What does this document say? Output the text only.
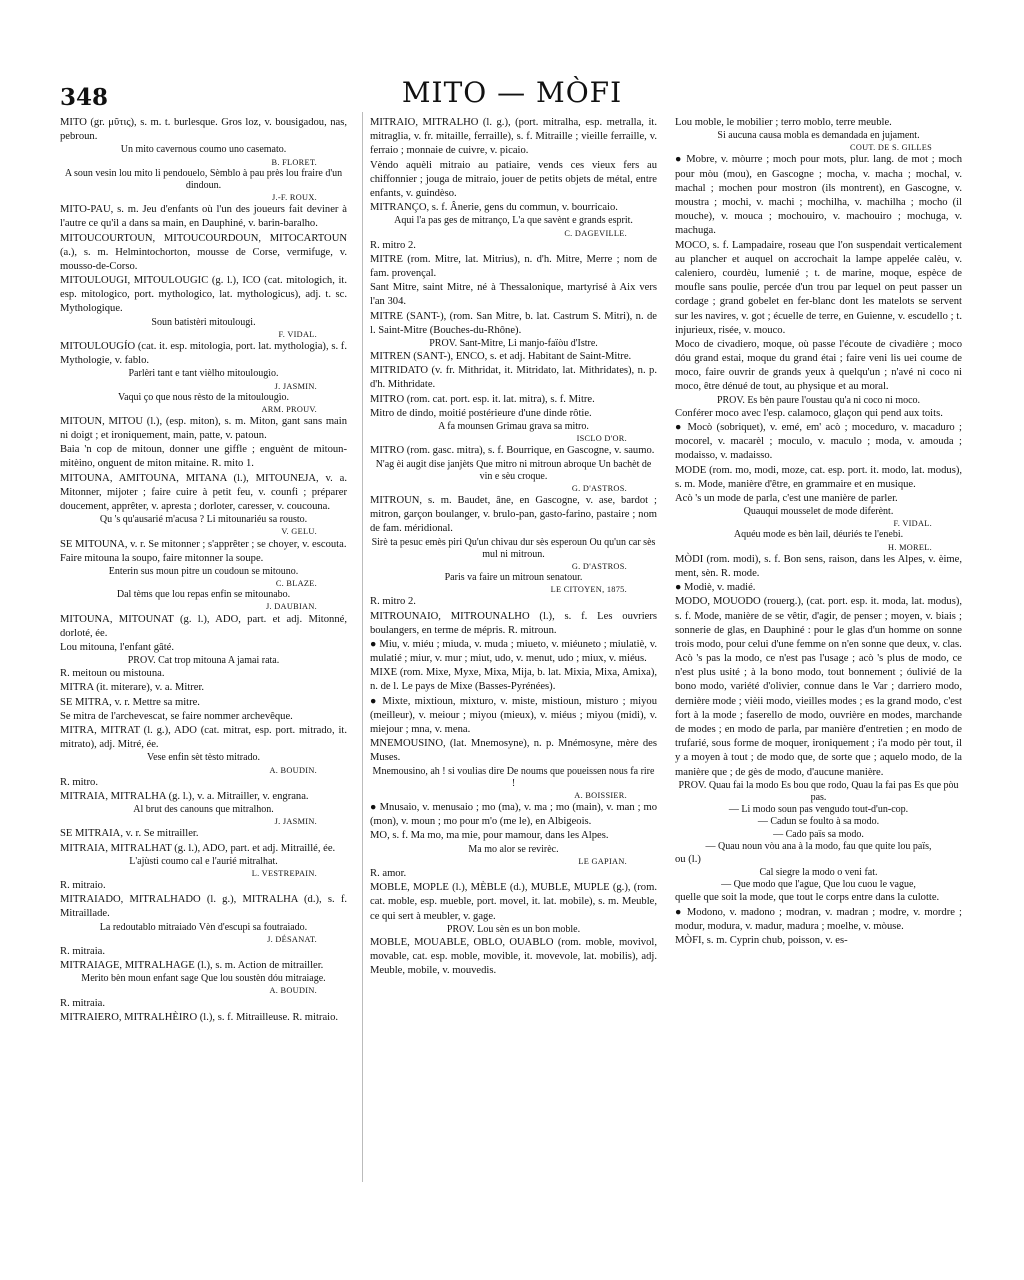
348	MITO — MÒFI

MITO (gr. μῦτις), s. m. t. burlesque. Gros loz, v. bousigadou, nas, pebroun.

Un mito cavernous coumo uno casemato.

B. FLORET.

A soun vesin lou mito li pendouelo, Sèmblo à pau près lou fraire d'un dindoun.

J.-F. ROUX.

MITO-PAU, s. m. Jeu d'enfants où l'un des joueurs fait deviner à l'autre ce qu'il a dans sa main, en Dauphiné, v. barin-baralho.

MITOUCOURTOUN, MITOUCOURDOUN, MITOCARTOUN (a.), s. m. Helmintochorton, mousse de Corse, vermifuge, v. mousso-de-Corso.

MITOULOUGI, MITOULOUGIC (g. l.), ICO (cat. mitologich, it. esp. mitologico, port. mythologico, lat. mythologicus), adj. t. sc. Mythologique.

Soun batistèri mitoulougi.

F. VIDAL.

MITOULOUGÍO (cat. it. esp. mitologia, port. lat. mythologia), s. f. Mythologie, v. fablo.

Parlèri tant e tant vièlho mitoulougìo.

J. JASMIN.

Vaqui ço que nous rèsto de la mitoulougìo.

ARM. PROUV.

MITOUN, MITOU (l.), (esp. miton), s. m. Miton, gant sans main ni doigt ; et ironiquement, main, patte, v. patoun.

Baia 'n cop de mitoun, donner une giffle ; enguènt de mitoun-mitèino, onguent de miton mitaine. R. mito 1.

MITOUNA, AMITOUNA, MITANA (l.), MITOUNEJA, v. a. Mitonner, mijoter ; faire cuire à petit feu, v. counfi ; préparer doucement, apprêter, v. apresta ; dorloter, caresser, v. coucouna.

Qu 's qu'ausarié m'acusa ? Li mitounariéu sa rousto.

V. GELU.

SE MITOUNA, v. r. Se mitonner ; s'apprêter ; se choyer, v. escouta.

Faire mitouna la soupo, faire mitonner la soupe.

Enterin sus moun pitre un coudoun se mitouno.

C. BLAZE.

Dal tèms que lou repas enfin se mitounabo.

J. DAUBIAN.

MITOUNA, MITOUNAT (g. l.), ADO, part. et adj. Mitonné, dorloté, ée.

Lou mitouna, l'enfant gâté.

PROV. Cat trop mitouna A jamai rata.

R. meitoun ou mistouna.

MITRA (it. miterare), v. a. Mitrer.

SE MITRA, v. r. Mettre sa mitre.

Se mitra de l'archevescat, se faire nommer archevêque.

MITRA, MITRAT (l. g.), ADO (cat. mitrat, esp. port. mitrado, it. mitrato), adj. Mitré, ée.

Vese enfin sèt tèsto mitrado.

A. BOUDIN.

R. mitro.

MITRAIA, MITRALHA (g. l.), v. a. Mitrailler, v. engrana.

Al brut des canouns que mitralhon.

J. JASMIN.

SE MITRAIA, v. r. Se mitrailler.

MITRAIA, MITRALHAT (g. l.), ADO, part. et adj. Mitraillé, ée.

L'ajùsti coumo cal e l'aurié mitralhat.

L. VESTREPAIN.

R. mitraio.

MITRAIADO, MITRALHADO (l. g.), MITRALHA (d.), s. f. Mitraillade.

La redoutablo mitraiado Vèn d'escupi sa foutraiado.

J. DÉSANAT.

R. mitraia.

MITRAIAGE, MITRALHAGE (l.), s. m. Action de mitrailler.

Merito bèn moun enfant sage Que lou soustèn dóu mitraiage.

A. BOUDIN.

R. mitraia.

MITRAIERO, MITRALHÈIRO (l.), s. f. Mitrailleuse. R. mitraio.

MITRAIO, MITRALHO (l. g.), (port. mitralha, esp. metralla, it. mitraglia, v. fr. mitaille, ferraille), s. f. Mitraille ; vieille ferraille, v. ferraio ; monnaie de cuivre, v. picaio.

Vèndo aquèli mitraio au patiaire, vends ces vieux fers au chiffonnier ; jouga de mitraio, jouer de petits objets de métal, entre enfants, v. guindèso.

MITRANÇO, s. f. Ânerie, gens du commun, v. bourricaio.

Aqui l'a pas ges de mitranço, L'a que savènt e grands esprit.

C. DAGEVILLE.

R. mitro 2.

MITRE (rom. Mitre, lat. Mitrius), n. d'h. Mitre, Merre ; nom de fam. provençal.

Sant Mitre, saint Mitre, né à Thessalonique, martyrisé à Aix vers l'an 304.

MITRE (SANT-), (rom. San Mitre, b. lat. Castrum S. Mitri), n. de l. Saint-Mitre (Bouches-du-Rhône).

PROV. Sant-Mitre, Li manjo-faïòu d'Istre.

MITREN (SANT-), ENCO, s. et adj. Habitant de Saint-Mitre.

MITRIDATO (v. fr. Mithridat, it. Mitridato, lat. Mithridates), n. p. d'h. Mithridate.

MITRO (rom. cat. port. esp. it. lat. mitra), s. f. Mitre.

Mitro de dindo, moitié postérieure d'une dinde rôtie.

A fa mounsen Grimau grava sa mitro.

ISCLO D'OR.

MITRO (rom. gasc. mitra), s. f. Bourrique, en Gascogne, v. saumo.

N'ag èi augit dise janjèts Que mitro ni mitroun abroque Un bachèt de vin e sèu croque.

G. D'ASTROS.

MITROUN, s. m. Baudet, âne, en Gascogne, v. ase, bardot ; mitron, garçon boulanger, v. brulo-pan, gasto-farino, pastaire ; nom de fam. méridional.

Sirè ta pesuc emès piri Qu'un chivau dur sès esperoun Ou qu'un car sès mul ni mitroun.

G. D'ASTROS.

Paris va faire un mitroun senatour.

LE CITOYEN, 1875.

R. mitro 2.

MITROUNAIO, MITROUNALHO (l.), s. f. Les ouvriers boulangers, en terme de mépris. R. mitroun.

● Miu, v. miéu ; miuda, v. muda ; miueto, v. miéuneto ; miulatiè, v. mulatié ; miur, v. mur ; miut, udo, v. menut, udo ; miux, v. miéus.

MIXE (rom. Mixe, Myxe, Mixa, Mija, b. lat. Mixia, Mixa, Amixa), n. de l. Le pays de Mixe (Basses-Pyrénées).

● Mixte, mixtioun, mixturo, v. miste, mistioun, misturo ; miyou (meilleur), v. meiour ; miyou (mieux), v. miéus ; miyou (midi), v. miejour ; mna, v. mena.

MNEMOUSINO, (lat. Mnemosyne), n. p. Mnémosyne, mère des Muses.

Mnemousino, ah ! si voulias dire De noums que poueissen nous fa rire !

A. BOISSIER.

● Mnusaio, v. menusaio ; mo (ma), v. ma ; mo (main), v. man ; mo (mon), v. moun ; mo pour m'o (me le), en Albigeois.

MO, s. f. Ma mo, ma mie, pour mamour, dans les Alpes.

Ma mo alor se revirèc.

LE GAPIAN.

R. amor.

MOBLE, MOPLE (l.), MÈBLE (d.), MUBLE, MUPLE (g.), (rom. cat. moble, esp. mueble, port. movel, it. lat. mobile), s. m. Meuble, ce qui sert à meubler, v. gage.

PROV. Lou sèn es un bon moble.

MOBLE, MOUABLE, OBLO, OUABLO (rom. moble, movivol, movable, cat. esp. moble, movible, it. movevole, lat. mobilis), adj. Meuble, mobile, v. mouvedis.

Lou moble, le mobilier ; terro moblo, terre meuble.

Si aucuna causa mobla es demandada en jujament.

COUT. DE S. GILLES

● Mobre, v. mòurre ; moch pour mots, plur. lang. de mot ; moch pour mòu (mou), en Gascogne ; mocha, v. macha ; mochal, v. machal ; mochen pour mostron (ils montrent), en Gascogne, v. moustra ; mochi, v. machi ; mochilha, v. machilha ; mocho (il mouche), v. mouca ; mochouiro, v. machouiro ; mochuga, v. machuga.

MOCO, s. f. Lampadaire, roseau que l'on suspendait verticalement au plancher et auquel on accrochait la lampe appelée calèu, v. caleniero, courdèu, lumenié ; t. de marine, moque, espèce de moufle sans poulie, percée d'un trou par lequel on peut passer un cordage ; grand gobelet en fer-blanc dont les matelots se servent sur les navires, v. got ; écuelle de terre, en Guienne, v. escudello ; t. injurieux, risée, v. mouco.

Moco de civadiero, moque, où passe l'écoute de civadière ; moco dóu grand estai, moque du grand étai ; faire veni lis uei coume de moco, faire ouvrir de grands yeux à quelqu'un ; n'avé ni coco ni moco, être dénué de tout, au physique et au moral.

PROV. Es bèn paure l'oustau qu'a ni coco ni moco.

Conférer moco avec l'esp. calamoco, glaçon qui pend aux toits.

● Mocò (sobriquet), v. emé, em' acò ; moceduro, v. macaduro ; mocorel, v. macarèl ; moculo, v. maculo ; moda, v. amouda ; modaisso, v. madaisso.

MODE (rom. mo, modi, moze, cat. esp. port. it. modo, lat. modus), s. m. Mode, manière d'être, en grammaire et en musique.

Acò 's un mode de parla, c'est une manière de parler.

Quauqui mousselet de mode diferènt.

F. VIDAL.

Aquéu mode es bèn lail, déuriés te l'enebi.

H. MOREL.

MÒDI (rom. modi), s. f. Bon sens, raison, dans les Alpes, v. èime, ment, sèn. R. mode.

● Modiè, v. madié.

MODO, MOUODO (rouerg.), (cat. port. esp. it. moda, lat. modus), s. f. Mode, manière de se vêtir, d'agir, de penser ; moyen, v. biais ; sonnerie de glas, en Dauphiné : pour le glas d'un homme on sonne trois modo, pour celui d'une femme on n'en sonne que deux, v. clas.

Acò 's pas la modo, ce n'est pas l'usage ; acò 's plus de modo, ce n'est plus usité ; à la bono modo, tout bonnement ; óulivié de la bono modo, variété d'olivier, connue dans le Var ; darriero modo, dernière mode ; vièii modo, vieilles modes ; es la grand modo, c'est fort à la mode ; faserello de modo, ouvrière en modes, marchande de modes ; en modo de parla, par manière d'entretien ; en modo de trufarié, sous forme de moquer, ironiquement ; i'a modo pèr tout, il y a moyen à tout ; de modo que, de sorte que ; aquelo modo, de la manière que ; de gès de modo, d'aucune manière.

PROV. Quau fai la modo Es bou que rodo, Quau la fai pas Es que pòu pas.

— Li modo soun pas vengudo tout-d'un-cop.

— Cadun se foulto à sa modo.

— Cado païs sa modo.

— Quau noun vòu ana à la modo, fau que quite lou païs,

ou (l.)

Cal siegre la modo o veni fat.

— Que modo que l'ague, Que lou cuou le vague,

quelle que soit la mode, que tout le corps entre dans la culotte.

● Modono, v. madono ; modran, v. madran ; modre, v. mordre ; modur, modura, v. madur, madura ; moelhe, v. mòuse.

MÒFI, s. m. Cyprin chub, poisson, v. es-
